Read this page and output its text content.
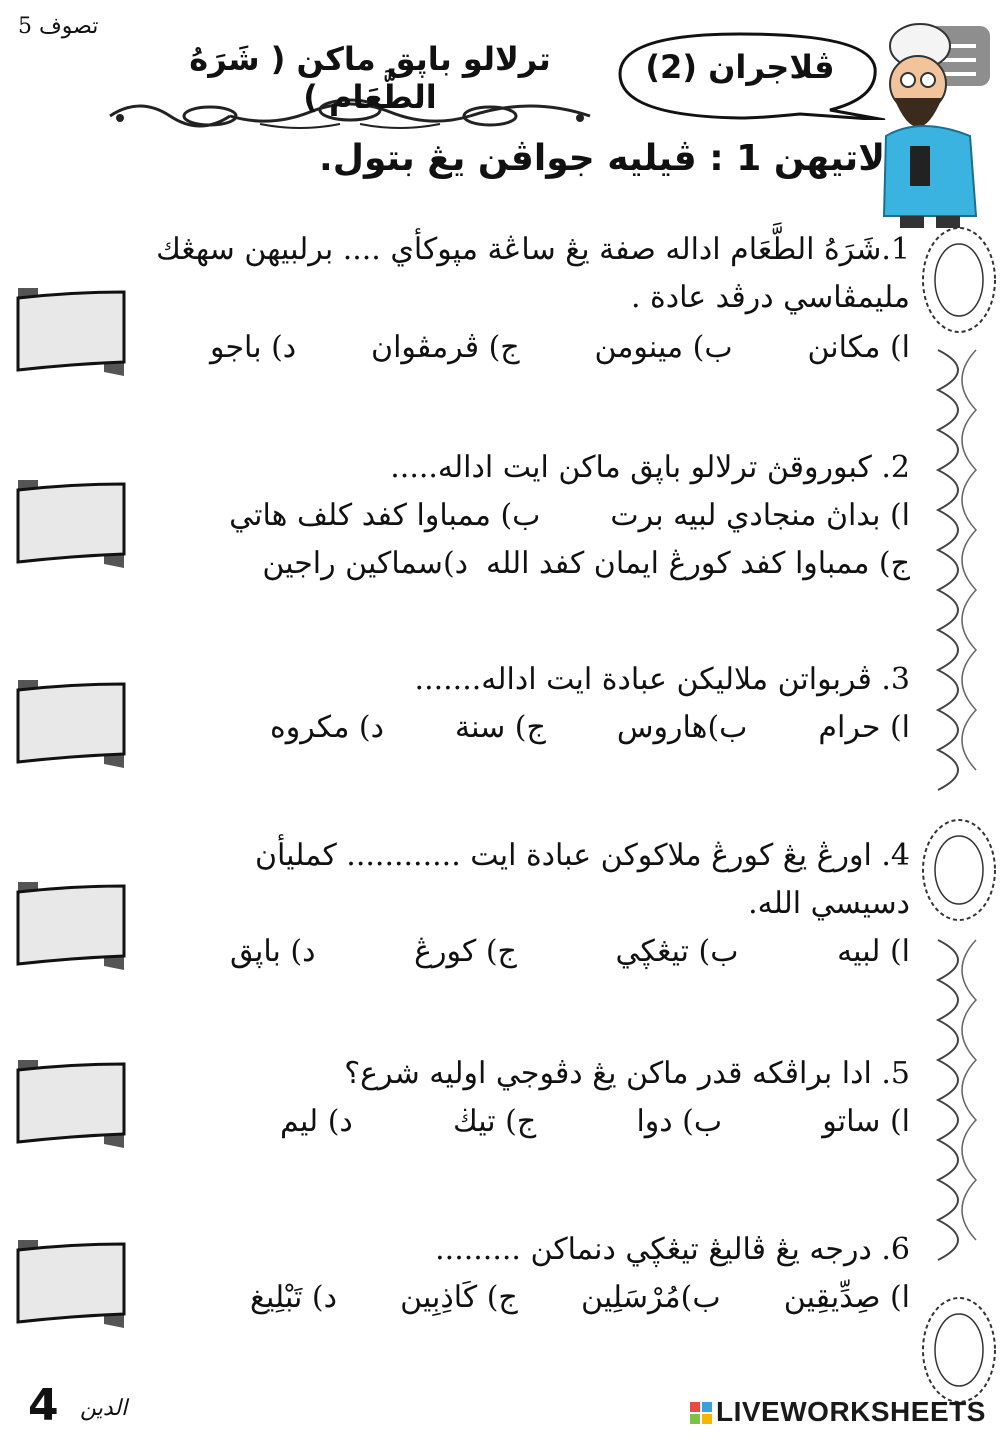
تصوف 5
ترلالو باپق ماكن ( شَرَهُ الطَّعَام )
ڤلاجران (2)
لاتيهن 1 : ڤيليه جواڤن يڠ بتول.
1.شَرَهُ الطَّعَام اداله صفة يڠ ساڠة مپوكأي .... برلبيهن سهڠك
مليمڤاسي درڤد عادة .
ا) مكانن
ب) مينومن
ج) ڤرمڤوان
د) باجو
2. كبوروقڽ ترلالو باپق ماكن ايت اداله.....
ا) بداڽ منجادي لبيه برت
ب) ممباوا كفد كلف هاتي
ج) ممباوا كفد كورڠ ايمان كفد الله
د)سماكين راجين
3. ڤربواتن ملاليكن عبادة ايت اداله.......
ا) حرام
ب)هاروس
ج) سنة
د) مكروه
4. اورڠ يڠ كورڠ ملاكوكن عبادة ايت ............ كمليأن
دسيسي الله.
ا) لبيه
ب) تيڠڮي
ج) كورڠ
د) باپق
5. ادا براڤكه قدر ماكن يڠ دڤوجي اوليه شرع؟
ا) ساتو
ب) دوا
ج) تيڬ
د) ليم
6. درجه يڠ ڤاليڠ تيڠڮي دنماكن .........
ا) صِدِّيقِين
ب)مُرْسَلِين
ج) كَاذِبِين
د) تَبْلِيغ
4 الدين	LIVEWORKSHEETS
